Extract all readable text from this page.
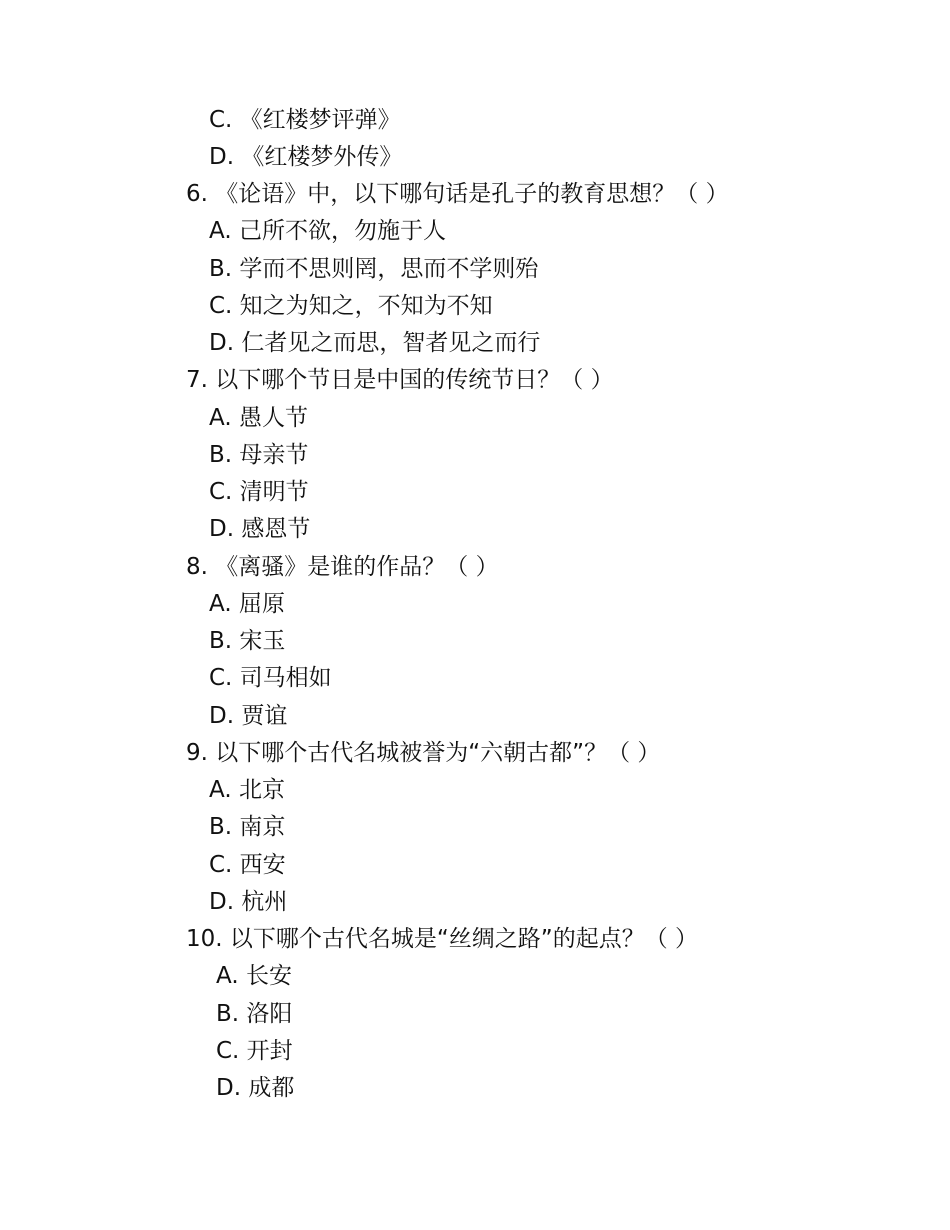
C. 《红楼梦评弹》
D. 《红楼梦外传》
6. 《论语》中，以下哪句话是孔子的教育思想？（ ）
A. 己所不欲，勿施于人
B. 学而不思则罔，思而不学则殆
C. 知之为知之，不知为不知
D. 仁者见之而思，智者见之而行
7. 以下哪个节日是中国的传统节日？（ ）
A. 愚人节
B. 母亲节
C. 清明节
D. 感恩节
8. 《离骚》是谁的作品？（ ）
A. 屈原
B. 宋玉
C. 司马相如
D. 贾谊
9. 以下哪个古代名城被誉为“六朝古都”？（ ）
A. 北京
B. 南京
C. 西安
D. 杭州
10. 以下哪个古代名城是“丝绸之路”的起点？（ ）
A. 长安
B. 洛阳
C. 开封
D. 成都
